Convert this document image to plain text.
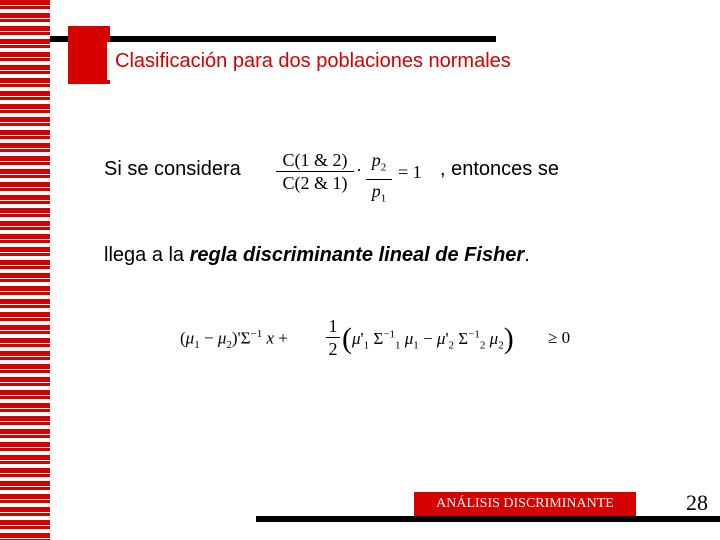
Clasificación para dos poblaciones normales
Si se considera	C(1 & 2)
C(2 & 1)
· $p_2$
$p_1$
= 1 , entonces se
llega a la regla discriminante lineal de Fisher.
$(\mu_1 - \mu_2)'\Sigma^{-1}$ x +
1
2 ($\mu'_1$ $\Sigma^{-1}_1$ $\mu_1 - \mu'_2$ $\Sigma^{-1}_2$ $\mu_2) \ge 0$
ANÁLISIS DISCRIMINANTE	28
